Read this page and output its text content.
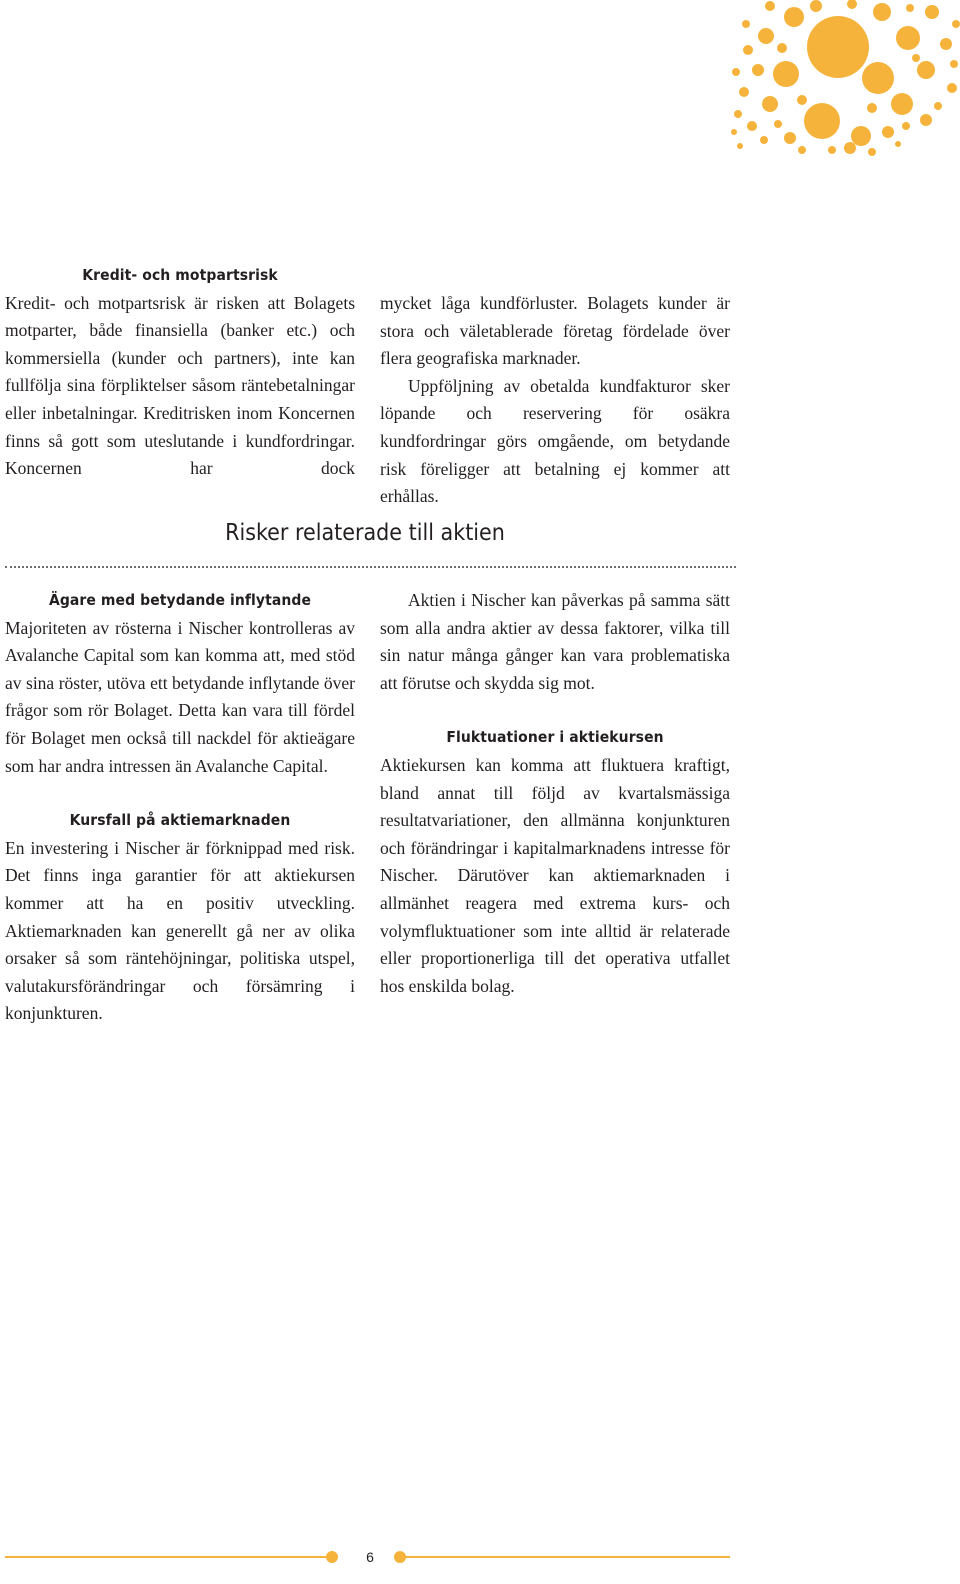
Kredit- och motpartsrisk

Kredit- och motpartsrisk är risken att Bolagets motparter, både finansiella (banker etc.) och kommersiella (kunder och partners), inte kan fullfölja sina förpliktelser såsom räntebetalningar eller inbetalningar. Kreditrisken inom Koncernen finns så gott som uteslutande i kundfordringar. Koncernen har dock

mycket låga kundförluster. Bolagets kunder är stora och väletablerade företag fördelade över flera geografiska marknader.

Uppföljning av obetalda kundfakturor sker löpande och reservering för osäkra kundfordringar görs omgående, om betydande risk föreligger att betalning ej kommer att erhållas.

Risker relaterade till aktien
Ägare med betydande inflytande

Majoriteten av rösterna i Nischer kontrolleras av Avalanche Capital som kan komma att, med stöd av sina röster, utöva ett betydande inflytande över frågor som rör Bolaget. Detta kan vara till fördel för Bolaget men också till nackdel för aktieägare som har andra intressen än Avalanche Capital.

Kursfall på aktiemarknaden

En investering i Nischer är förknippad med risk. Det finns inga garantier för att aktiekursen kommer att ha en positiv utveckling. Aktiemarknaden kan generellt gå ner av olika orsaker så som räntehöjningar, politiska utspel, valutakursförändringar och försämring i konjunkturen.

Aktien i Nischer kan påverkas på samma sätt som alla andra aktier av dessa faktorer, vilka till sin natur många gånger kan vara problematiska att förutse och skydda sig mot.

Fluktuationer i aktiekursen

Aktiekursen kan komma att fluktuera kraftigt, bland annat till följd av kvartalsmässiga resultatvariationer, den allmänna konjunkturen och förändringar i kapitalmarknadens intresse för Nischer. Därutöver kan aktiemarknaden i allmänhet reagera med extrema kurs- och volymfluktuationer som inte alltid är relaterade eller proportionerliga till det operativa utfallet hos enskilda bolag.

6
